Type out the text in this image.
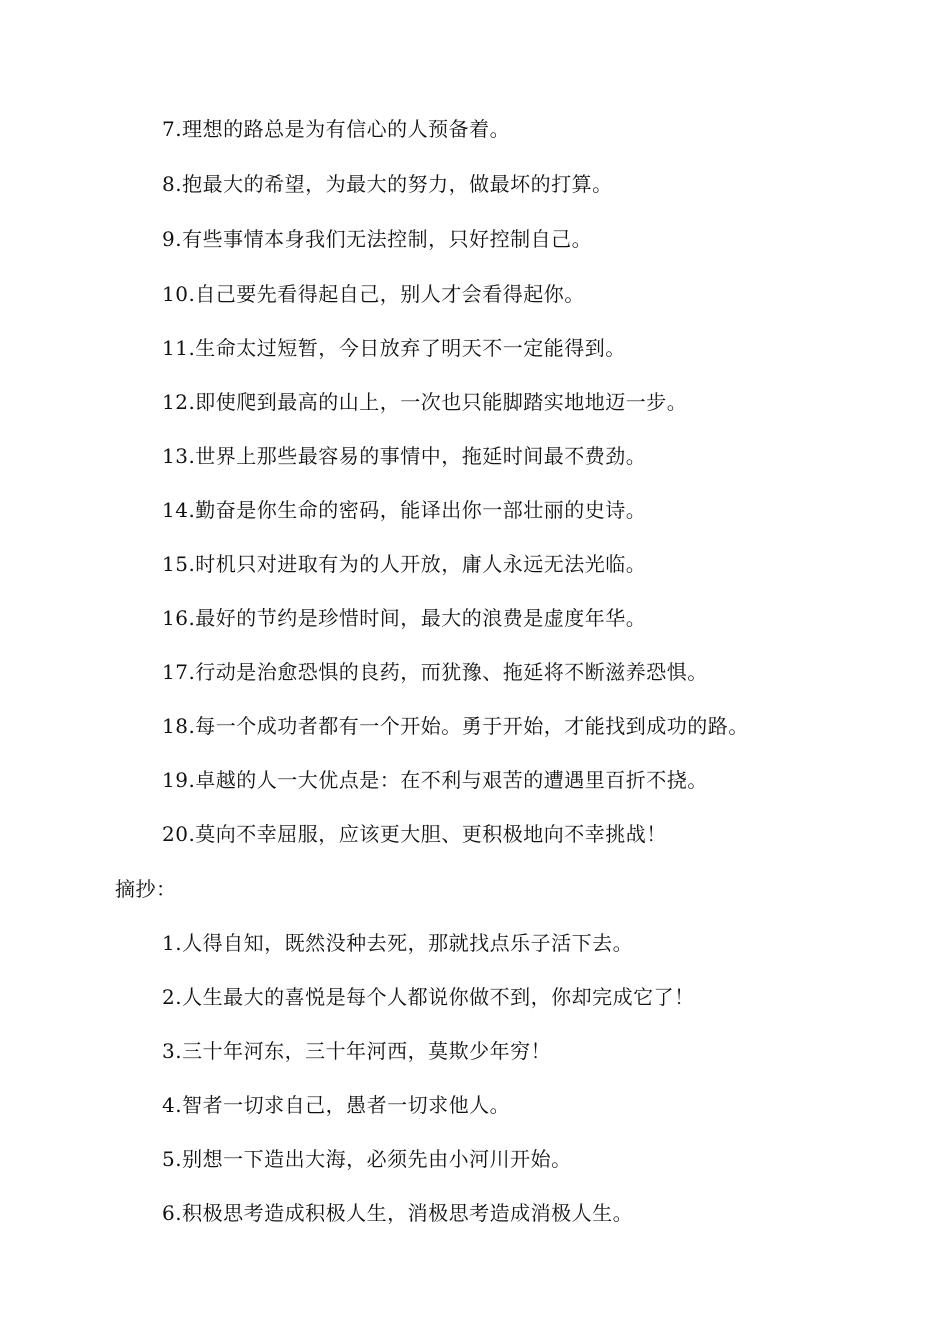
7.理想的路总是为有信心的人预备着。
8.抱最大的希望，为最大的努力，做最坏的打算。
9.有些事情本身我们无法控制，只好控制自己。
10.自己要先看得起自己，别人才会看得起你。
11.生命太过短暂，今日放弃了明天不一定能得到。
12.即使爬到最高的山上，一次也只能脚踏实地地迈一步。
13.世界上那些最容易的事情中，拖延时间最不费劲。
14.勤奋是你生命的密码，能译出你一部壮丽的史诗。
15.时机只对进取有为的人开放，庸人永远无法光临。
16.最好的节约是珍惜时间，最大的浪费是虚度年华。
17.行动是治愈恐惧的良药，而犹豫、拖延将不断滋养恐惧。
18.每一个成功者都有一个开始。勇于开始，才能找到成功的路。
19.卓越的人一大优点是：在不利与艰苦的遭遇里百折不挠。
20.莫向不幸屈服，应该更大胆、更积极地向不幸挑战！
摘抄：
1.人得自知，既然没种去死，那就找点乐子活下去。
2.人生最大的喜悦是每个人都说你做不到，你却完成它了！
3.三十年河东，三十年河西，莫欺少年穷！
4.智者一切求自己，愚者一切求他人。
5.别想一下造出大海，必须先由小河川开始。
6.积极思考造成积极人生，消极思考造成消极人生。
